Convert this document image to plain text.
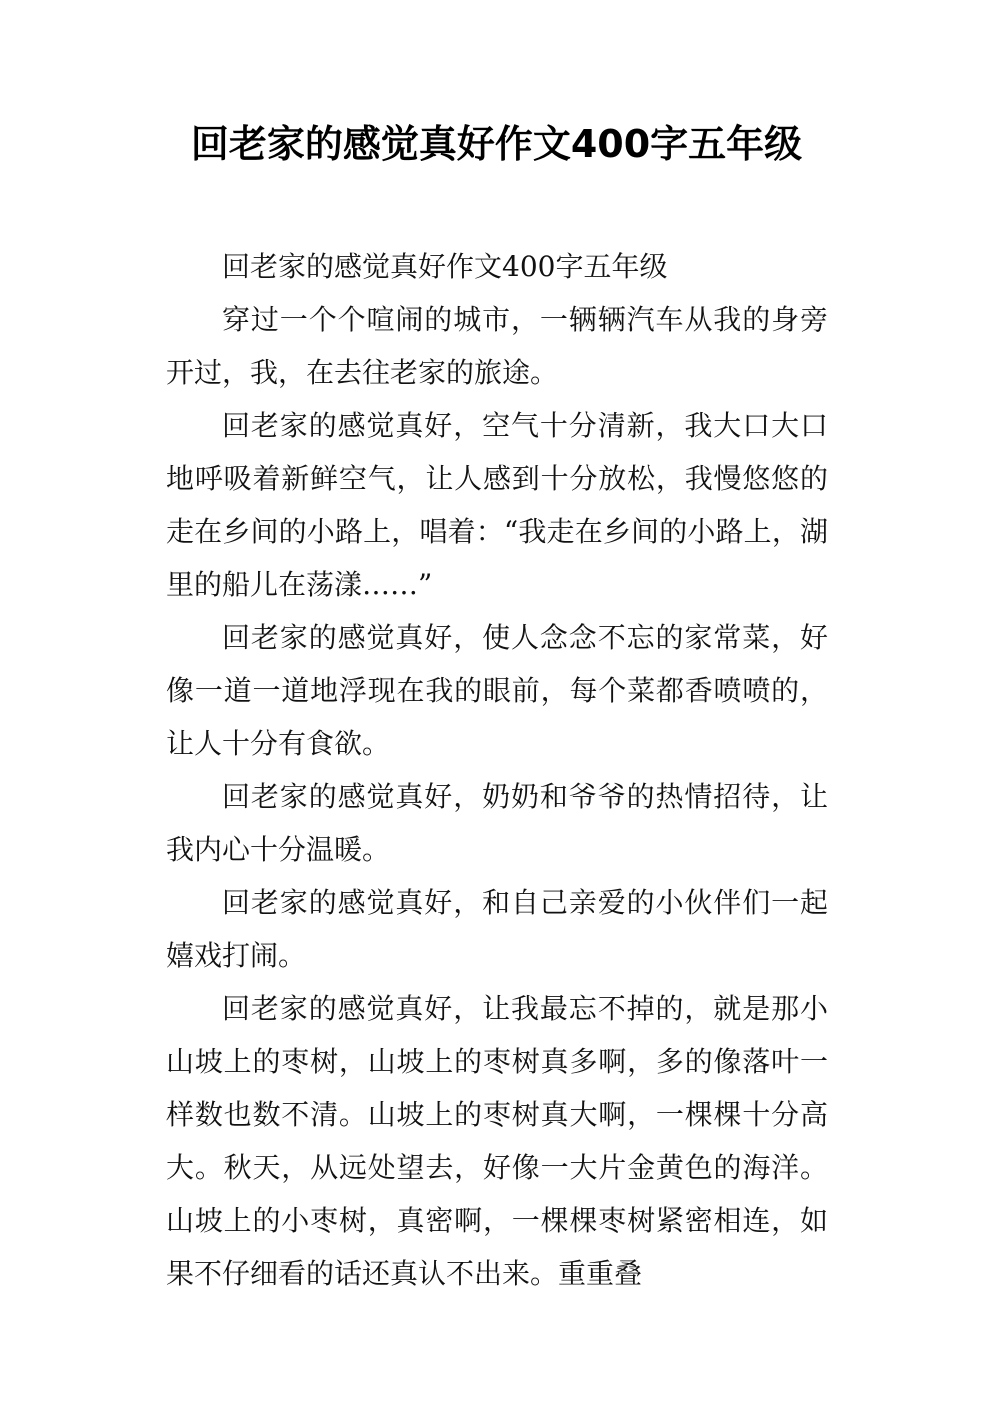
回老家的感觉真好作文400字五年级

回老家的感觉真好作文400字五年级

穿过一个个喧闹的城市，一辆辆汽车从我的身旁开过，我，在去往老家的旅途。

回老家的感觉真好，空气十分清新，我大口大口地呼吸着新鲜空气，让人感到十分放松，我慢悠悠的走在乡间的小路上，唱着：“我走在乡间的小路上，湖里的船儿在荡漾……”

回老家的感觉真好，使人念念不忘的家常菜，好像一道一道地浮现在我的眼前，每个菜都香喷喷的，让人十分有食欲。

回老家的感觉真好，奶奶和爷爷的热情招待，让我内心十分温暖。

回老家的感觉真好，和自己亲爱的小伙伴们一起嬉戏打闹。

回老家的感觉真好，让我最忘不掉的，就是那小山坡上的枣树，山坡上的枣树真多啊，多的像落叶一样数也数不清。山坡上的枣树真大啊，一棵棵十分高大。秋天，从远处望去，好像一大片金黄色的海洋。山坡上的小枣树，真密啊，一棵棵枣树紧密相连，如果不仔细看的话还真认不出来。重重叠
